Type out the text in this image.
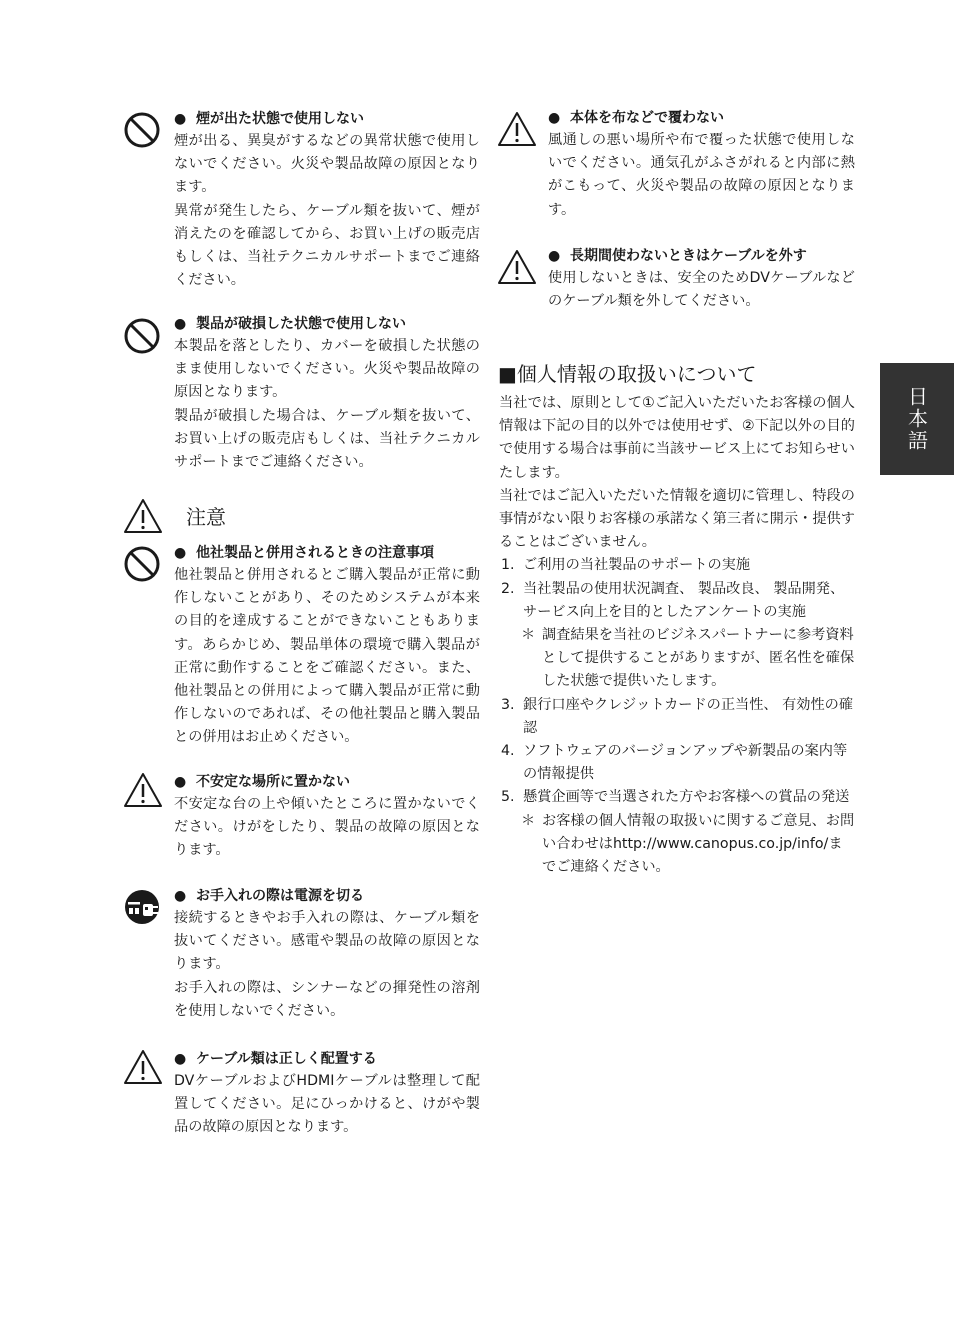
● 煙が出た状態で使用しない

煙が出る、異臭がするなどの異常状態で使用しないでください。火災や製品故障の原因となります。

異常が発生したら、ケーブル類を抜いて、煙が消えたのを確認してから、お買い上げの販売店もしくは、当社テクニカルサポートまでご連絡ください。

● 製品が破損した状態で使用しない

本製品を落としたり、カバーを破損した状態のまま使用しないでください。火災や製品故障の原因となります。

製品が破損した場合は、ケーブル類を抜いて、お買い上げの販売店もしくは、当社テクニカルサポートまでご連絡ください。

注意
● 他社製品と併用されるときの注意事項

他社製品と併用されるとご購入製品が正常に動作しないことがあり、そのためシステムが本来の目的を達成することができないこともあります。あらかじめ、製品単体の環境で購入製品が正常に動作することをご確認ください。また、他社製品との併用によって購入製品が正常に動作しないのであれば、その他社製品と購入製品との併用はお止めください。

● 不安定な場所に置かない

不安定な台の上や傾いたところに置かないでください。けがをしたり、製品の故障の原因となります。

● お手入れの際は電源を切る

接続するときやお手入れの際は、ケーブル類を抜いてください。感電や製品の故障の原因となります。

お手入れの際は、シンナーなどの揮発性の溶剤を使用しないでください。

● ケーブル類は正しく配置する

DVケーブルおよびHDMIケーブルは整理して配置してください。足にひっかけると、けがや製品の故障の原因となります。

● 本体を布などで覆わない

風通しの悪い場所や布で覆った状態で使用しないでください。通気孔がふさがれると内部に熱がこもって、火災や製品の故障の原因となります。

● 長期間使わないときはケーブルを外す

使用しないときは、安全のためDVケーブルなどのケーブル類を外してください。

■個人情報の取扱いについて

当社では、原則として①ご記入いただいたお客様の個人情報は下記の目的以外では使用せず、②下記以外の目的で使用する場合は事前に当該サービス上にてお知らせいたします。

当社ではご記入いただいた情報を適切に管理し、特段の事情がない限りお客様の承諾なく第三者に開示・提供することはございません。

1. ご利用の当社製品のサポートの実施
2. 当社製品の使用状況調査、 製品改良、 製品開発、サービス向上を目的としたアンケートの実施
＊ 調査結果を当社のビジネスパートナーに参考資料として提供することがありますが、匿名性を確保した状態で提供いたします。
3. 銀行口座やクレジットカードの正当性、 有効性の確認
4. ソフトウェアのバージョンアップや新製品の案内等の情報提供
5. 懸賞企画等で当選された方やお客様への賞品の発送
＊ お客様の個人情報の取扱いに関するご意見、お問い合わせはhttp://www.canopus.co.jp/info/までご連絡ください。
日本語
